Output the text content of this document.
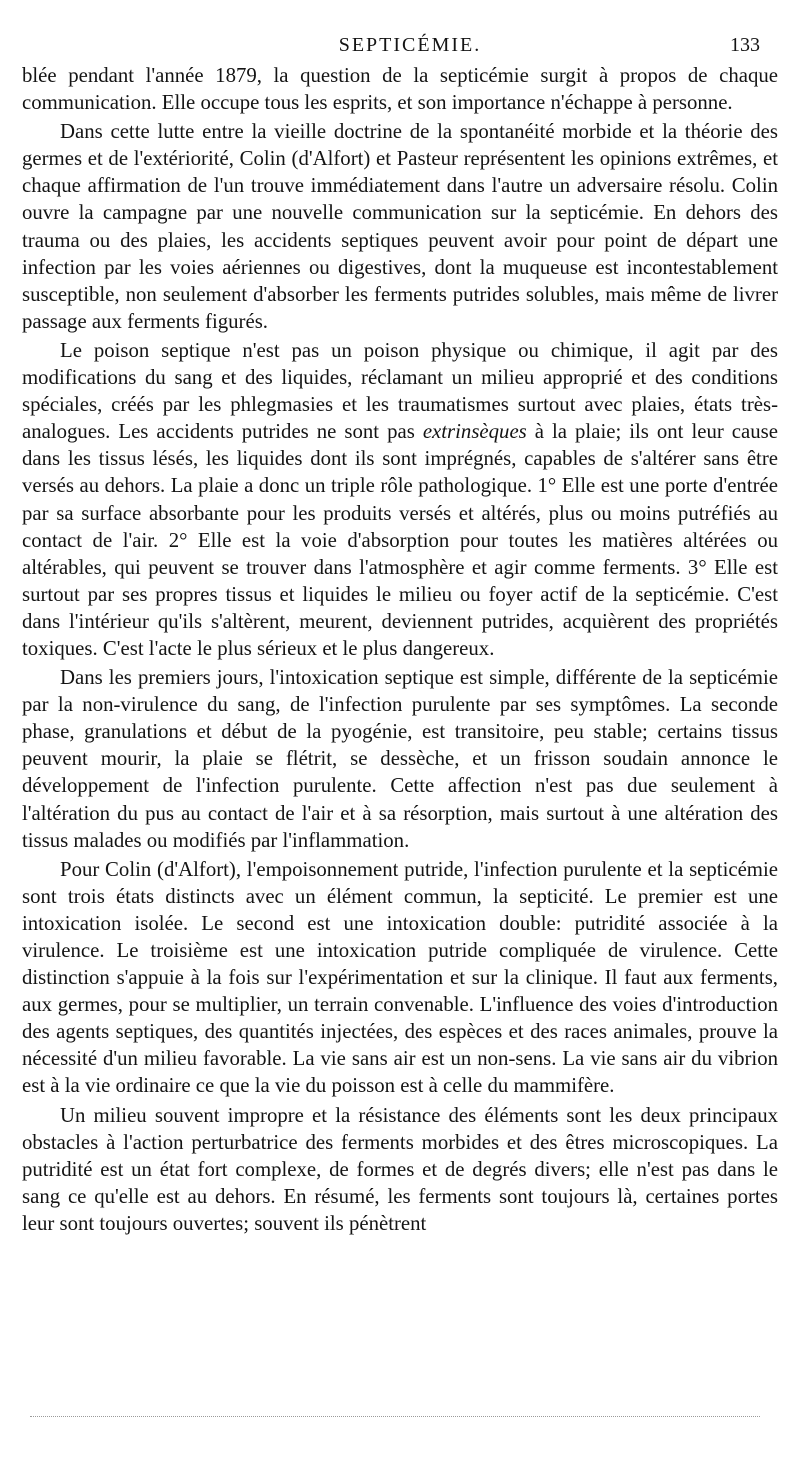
SEPTICÉMIE.	133

blée pendant l'année 1879, la question de la septicémie surgit à propos de chaque communication. Elle occupe tous les esprits, et son importance n'échappe à personne.

Dans cette lutte entre la vieille doctrine de la spontanéité morbide et la théorie des germes et de l'extériorité, Colin (d'Alfort) et Pasteur représentent les opinions extrêmes, et chaque affirmation de l'un trouve immédiatement dans l'autre un adversaire résolu. Colin ouvre la campagne par une nouvelle communication sur la septicémie. En dehors des trauma ou des plaies, les accidents septiques peuvent avoir pour point de départ une infection par les voies aériennes ou digestives, dont la muqueuse est incontestablement susceptible, non seulement d'absorber les ferments putrides solubles, mais même de livrer passage aux ferments figurés.

Le poison septique n'est pas un poison physique ou chimique, il agit par des modifications du sang et des liquides, réclamant un milieu approprié et des conditions spéciales, créés par les phlegmasies et les traumatismes surtout avec plaies, états très-analogues. Les accidents putrides ne sont pas extrinsèques à la plaie; ils ont leur cause dans les tissus lésés, les liquides dont ils sont imprégnés, capables de s'altérer sans être versés au dehors. La plaie a donc un triple rôle pathologique. 1° Elle est une porte d'entrée par sa surface absorbante pour les produits versés et altérés, plus ou moins putréfiés au contact de l'air. 2° Elle est la voie d'absorption pour toutes les matières altérées ou altérables, qui peuvent se trouver dans l'atmosphère et agir comme ferments. 3° Elle est surtout par ses propres tissus et liquides le milieu ou foyer actif de la septicémie. C'est dans l'intérieur qu'ils s'altèrent, meurent, deviennent putrides, acquièrent des propriétés toxiques. C'est l'acte le plus sérieux et le plus dangereux.

Dans les premiers jours, l'intoxication septique est simple, différente de la septicémie par la non-virulence du sang, de l'infection purulente par ses symptômes. La seconde phase, granulations et début de la pyogénie, est transitoire, peu stable; certains tissus peuvent mourir, la plaie se flétrit, se dessèche, et un frisson soudain annonce le développement de l'infection purulente. Cette affection n'est pas due seulement à l'altération du pus au contact de l'air et à sa résorption, mais surtout à une altération des tissus malades ou modifiés par l'inflammation.

Pour Colin (d'Alfort), l'empoisonnement putride, l'infection purulente et la septicémie sont trois états distincts avec un élément commun, la septicité. Le premier est une intoxication isolée. Le second est une intoxication double: putridité associée à la virulence. Le troisième est une intoxication putride compliquée de virulence. Cette distinction s'appuie à la fois sur l'expérimentation et sur la clinique. Il faut aux ferments, aux germes, pour se multiplier, un terrain convenable. L'influence des voies d'introduction des agents septiques, des quantités injectées, des espèces et des races animales, prouve la nécessité d'un milieu favorable. La vie sans air est un non-sens. La vie sans air du vibrion est à la vie ordinaire ce que la vie du poisson est à celle du mammifère.

Un milieu souvent impropre et la résistance des éléments sont les deux principaux obstacles à l'action perturbatrice des ferments morbides et des êtres microscopiques. La putridité est un état fort complexe, de formes et de degrés divers; elle n'est pas dans le sang ce qu'elle est au dehors. En résumé, les ferments sont toujours là, certaines portes leur sont toujours ouvertes; souvent ils pénètrent
